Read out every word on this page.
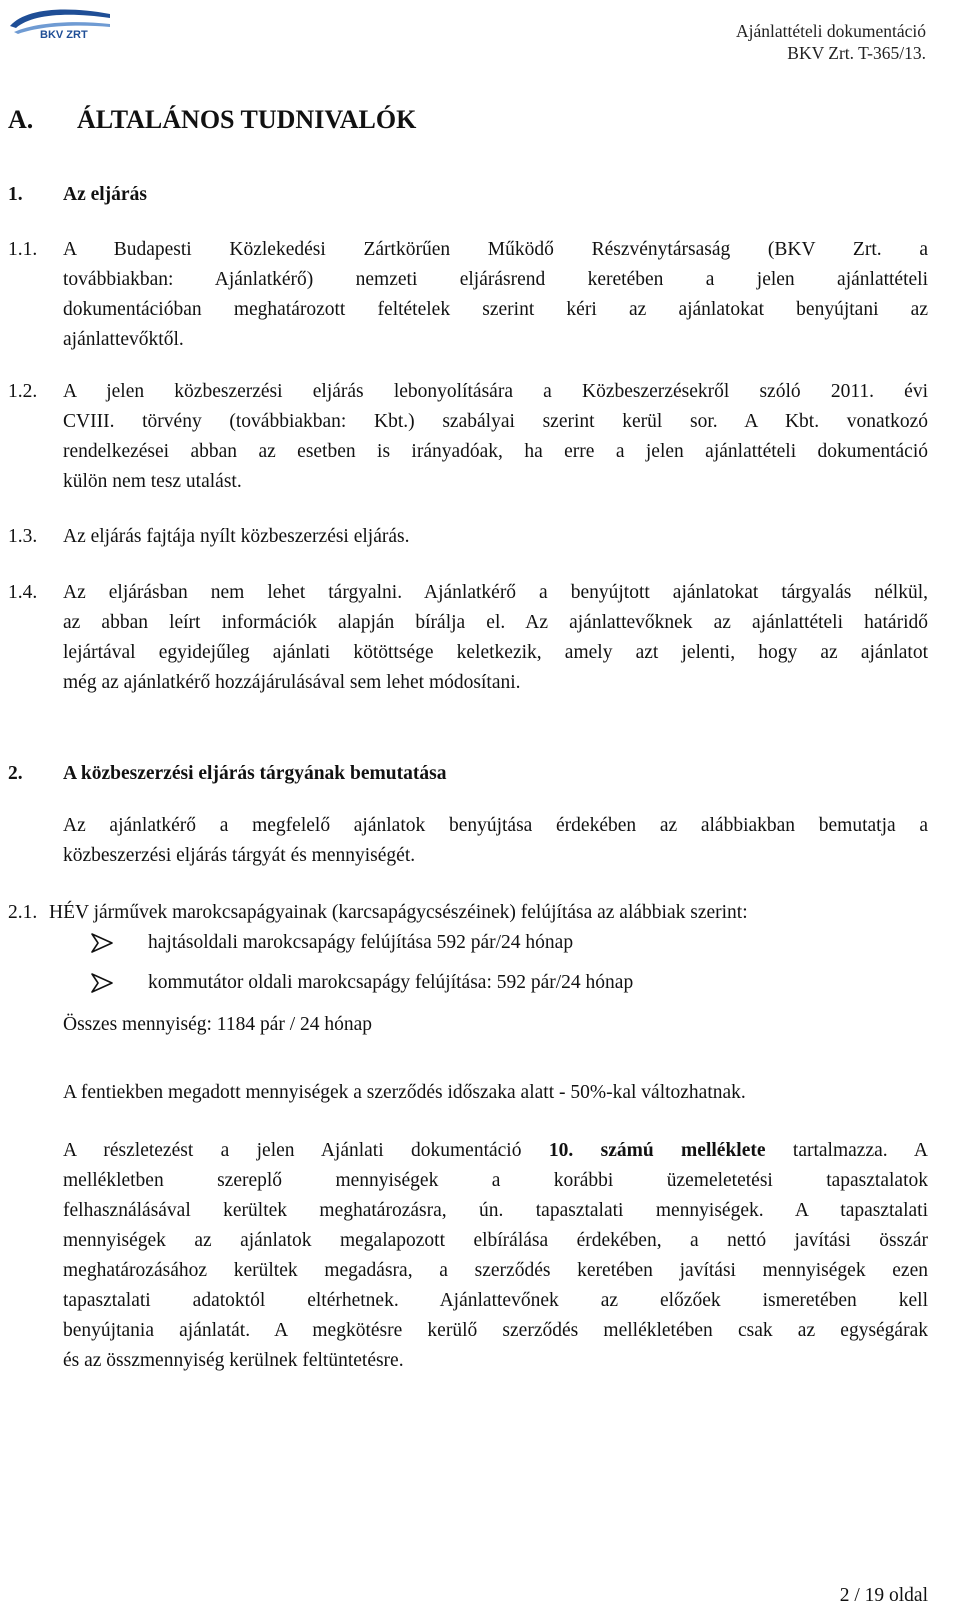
BKV ZRT	Ajánlattételi dokumentáció
BKV Zrt. T-365/13.
A. ÁLTALÁNOS TUDNIVALÓK
1. Az eljárás
1.1. A Budapesti Közlekedési Zártkörűen Működő Részvénytársaság (BKV Zrt. a
továbbiakban: Ajánlatkérő) nemzeti eljárásrend keretében a jelen ajánlattételi
dokumentációban meghatározott feltételek szerint kéri az ajánlatokat benyújtani az
ajánlattevőktől.
1.2. A jelen közbeszerzési eljárás lebonyolítására a Közbeszerzésekről szóló 2011. évi
CVIII. törvény (továbbiakban: Kbt.) szabályai szerint kerül sor. A Kbt. vonatkozó
rendelkezései abban az esetben is irányadóak, ha erre a jelen ajánlattételi dokumentáció
külön nem tesz utalást.
1.3. Az eljárás fajtája nyílt közbeszerzési eljárás.
1.4. Az eljárásban nem lehet tárgyalni. Ajánlatkérő a benyújtott ajánlatokat tárgyalás nélkül,
az abban leírt információk alapján bírálja el. Az ajánlattevőknek az ajánlattételi határidő
lejártával egyidejűleg ajánlati kötöttsége keletkezik, amely azt jelenti, hogy az ajánlatot
még az ajánlatkérő hozzájárulásával sem lehet módosítani.
2. A közbeszerzési eljárás tárgyának bemutatása
Az ajánlatkérő a megfelelő ajánlatok benyújtása érdekében az alábbiakban bemutatja a
közbeszerzési eljárás tárgyát és mennyiségét.
2.1. HÉV járművek marokcsapágyainak (karcsapágycsészéinek) felújítása az alábbiak szerint:
hajtásoldali marokcsapágy felújítása 592 pár/24 hónap
kommutátor oldali marokcsapágy felújítása: 592 pár/24 hónap
Összes mennyiség: 1184 pár / 24 hónap
A fentiekben megadott mennyiségek a szerződés időszaka alatt - 50%-kal változhatnak.
A részletezést a jelen Ajánlati dokumentáció 10. számú melléklete tartalmazza. A
mellékletben szereplő mennyiségek a korábbi üzemeletetési tapasztalatok
felhasználásával kerültek meghatározásra, ún. tapasztalati mennyiségek. A tapasztalati
mennyiségek az ajánlatok megalapozott elbírálása érdekében, a nettó javítási összár
meghatározásához kerültek megadásra, a szerződés keretében javítási mennyiségek ezen
tapasztalati adatoktól eltérhetnek. Ajánlattevőnek az előzőek ismeretében kell
benyújtania ajánlatát. A megkötésre kerülő szerződés mellékletében csak az egységárak
és az összmennyiség kerülnek feltüntetésre.
2 / 19 oldal
